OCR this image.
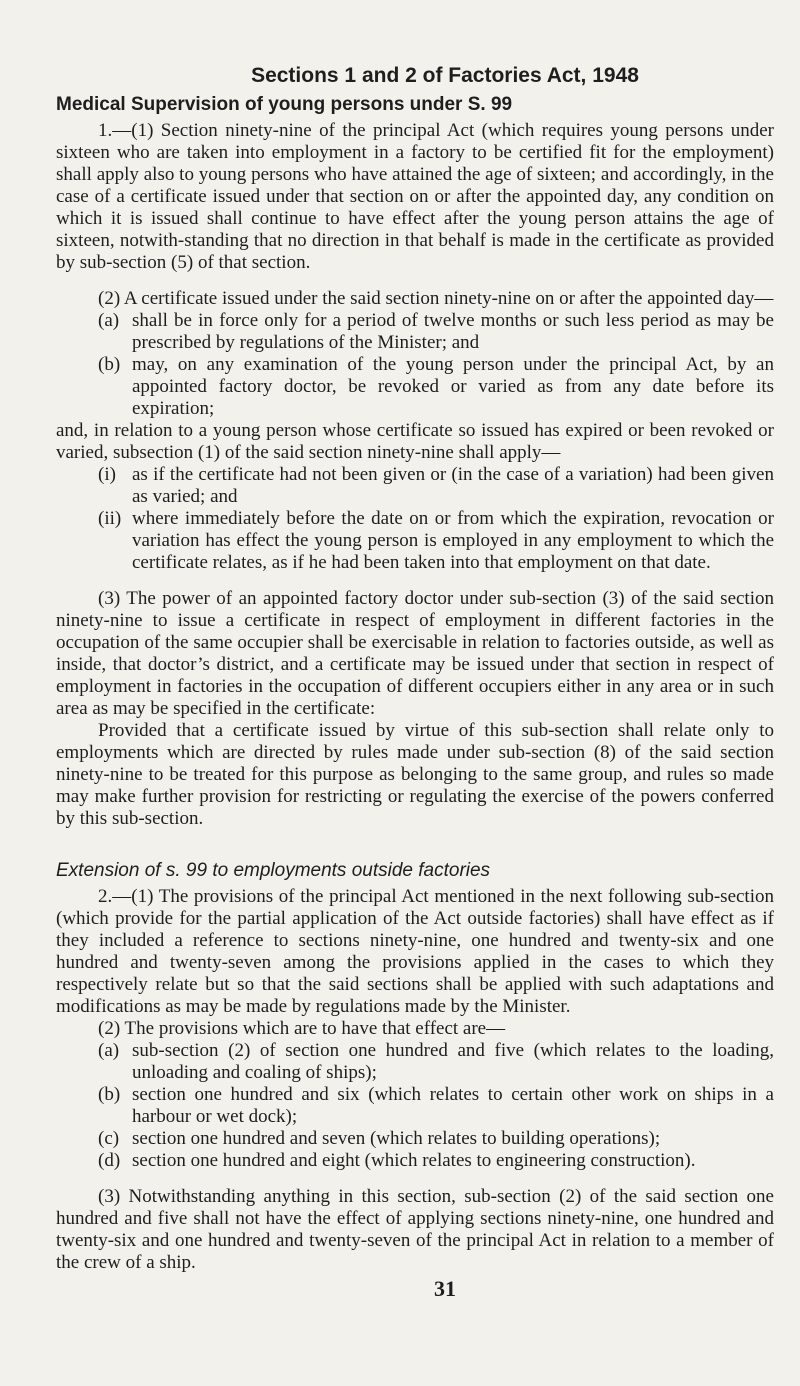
Sections 1 and 2 of Factories Act, 1948
Medical Supervision of young persons under S. 99

1.—(1) Section ninety-nine of the principal Act (which requires young persons under sixteen who are taken into employment in a factory to be certified fit for the employment) shall apply also to young persons who have attained the age of sixteen; and accordingly, in the case of a certificate issued under that section on or after the appointed day, any condition on which it is issued shall continue to have effect after the young person attains the age of sixteen, notwith-standing that no direction in that behalf is made in the certificate as provided by sub-section (5) of that section.

(2) A certificate issued under the said section ninety-nine on or after the appointed day—

(a) shall be in force only for a period of twelve months or such less period as may be prescribed by regulations of the Minister; and
(b) may, on any examination of the young person under the principal Act, by an appointed factory doctor, be revoked or varied as from any date before its expiration;

and, in relation to a young person whose certificate so issued has expired or been revoked or varied, subsection (1) of the said section ninety-nine shall apply—

(i) as if the certificate had not been given or (in the case of a variation) had been given as varied; and
(ii) where immediately before the date on or from which the expiration, revocation or variation has effect the young person is employed in any employment to which the certificate relates, as if he had been taken into that employment on that date.

(3) The power of an appointed factory doctor under sub-section (3) of the said section ninety-nine to issue a certificate in respect of employment in different factories in the occupation of the same occupier shall be exercisable in relation to factories outside, as well as inside, that doctor’s district, and a certificate may be issued under that section in respect of employment in factories in the occupation of different occupiers either in any area or in such area as may be specified in the certificate:

Provided that a certificate issued by virtue of this sub-section shall relate only to employments which are directed by rules made under sub-section (8) of the said section ninety-nine to be treated for this purpose as belonging to the same group, and rules so made may make further provision for restricting or regulating the exercise of the powers conferred by this sub-section.

Extension of s. 99 to employments outside factories

2.—(1) The provisions of the principal Act mentioned in the next following sub-section (which provide for the partial application of the Act outside factories) shall have effect as if they included a reference to sections ninety-nine, one hundred and twenty-six and one hundred and twenty-seven among the provisions applied in the cases to which they respectively relate but so that the said sections shall be applied with such adaptations and modifications as may be made by regulations made by the Minister.

(2) The provisions which are to have that effect are—

(a) sub-section (2) of section one hundred and five (which relates to the loading, unloading and coaling of ships);
(b) section one hundred and six (which relates to certain other work on ships in a harbour or wet dock);
(c) section one hundred and seven (which relates to building operations);
(d) section one hundred and eight (which relates to engineering construction).

(3) Notwithstanding anything in this section, sub-section (2) of the said section one hundred and five shall not have the effect of applying sections ninety-nine, one hundred and twenty-six and one hundred and twenty-seven of the principal Act in relation to a member of the crew of a ship.

31
